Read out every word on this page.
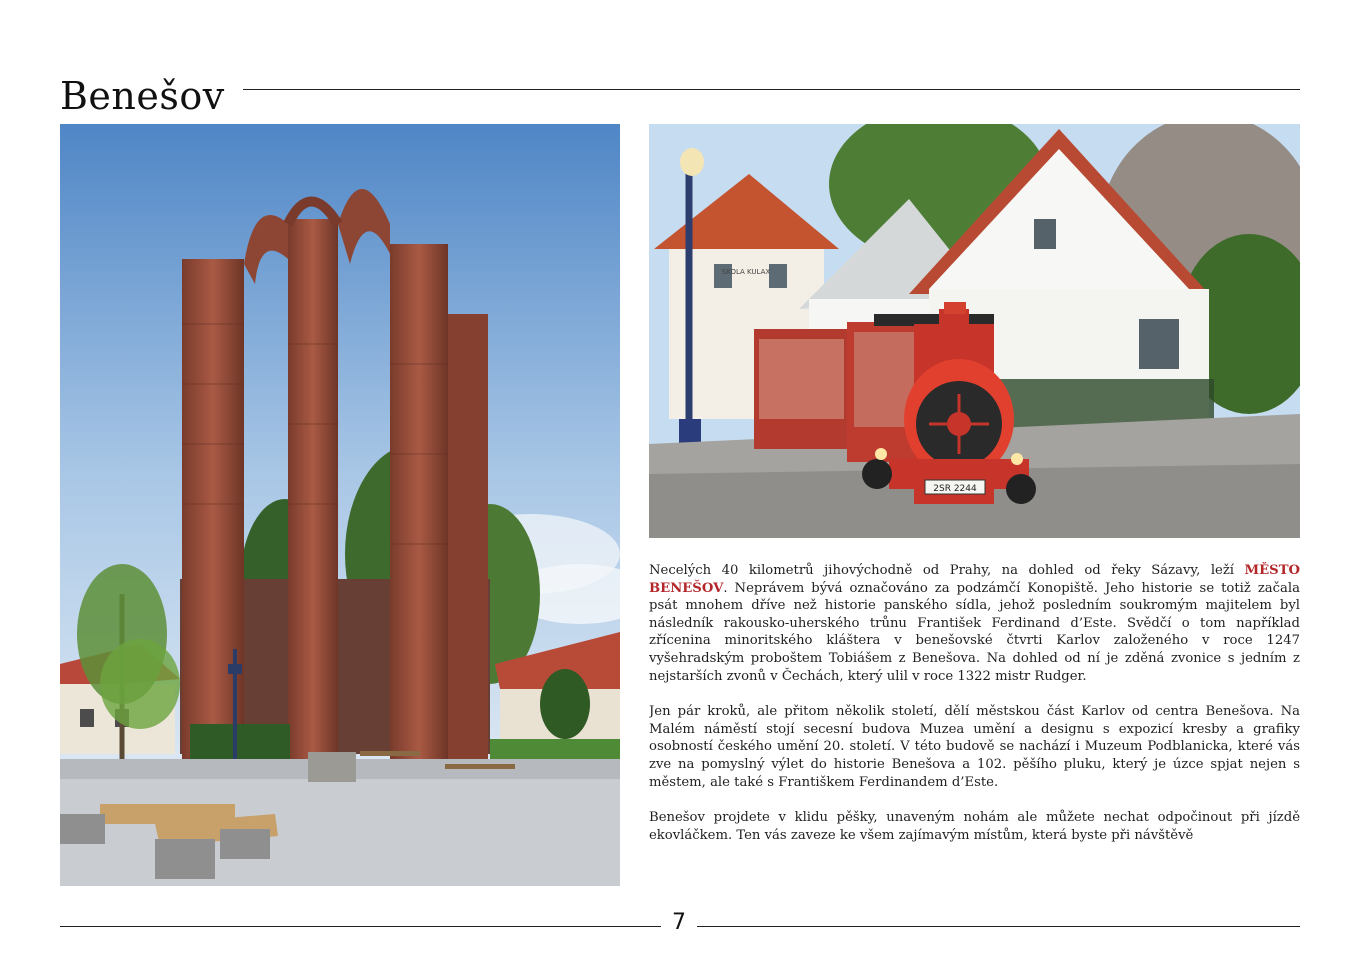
Benešov
2SR 2244
SKOLA KULAX

Necelých 40 kilometrů jihovýchodně od Prahy, na dohled od řeky Sázavy, leží MĚSTO BENEŠOV. Neprávem bývá označováno za podzámčí Konopiště. Jeho historie se totiž začala psát mnohem dříve než historie panského sídla, jehož posledním soukromým majitelem byl následník rakousko-uherského trůnu František Ferdinand d’Este. Svědčí o tom například zřícenina minoritského kláštera v benešovské čtvrti Karlov založeného v roce 1247 vyšehradským proboštem Tobiášem z Benešova. Na dohled od ní je zděná zvonice s jedním z nejstarších zvonů v Čechách, který ulil v roce 1322 mistr Rudger.

Jen pár kroků, ale přitom několik století, dělí městskou část Karlov od centra Benešova. Na Malém náměstí stojí secesní budova Muzea umění a designu s expozicí kresby a grafiky osobností českého umění 20. století. V této budově se nachází i Muzeum Podblanicka, které vás zve na pomyslný výlet do historie Benešova a 102. pěšího pluku, který je úzce spjat nejen s městem, ale také s Františkem Ferdinandem d’Este.

Benešov projdete v klidu pěšky, unaveným nohám ale můžete nechat odpočinout při jízdě ekovláčkem. Ten vás zaveze ke všem zajímavým místům, která byste při návštěvě

7
